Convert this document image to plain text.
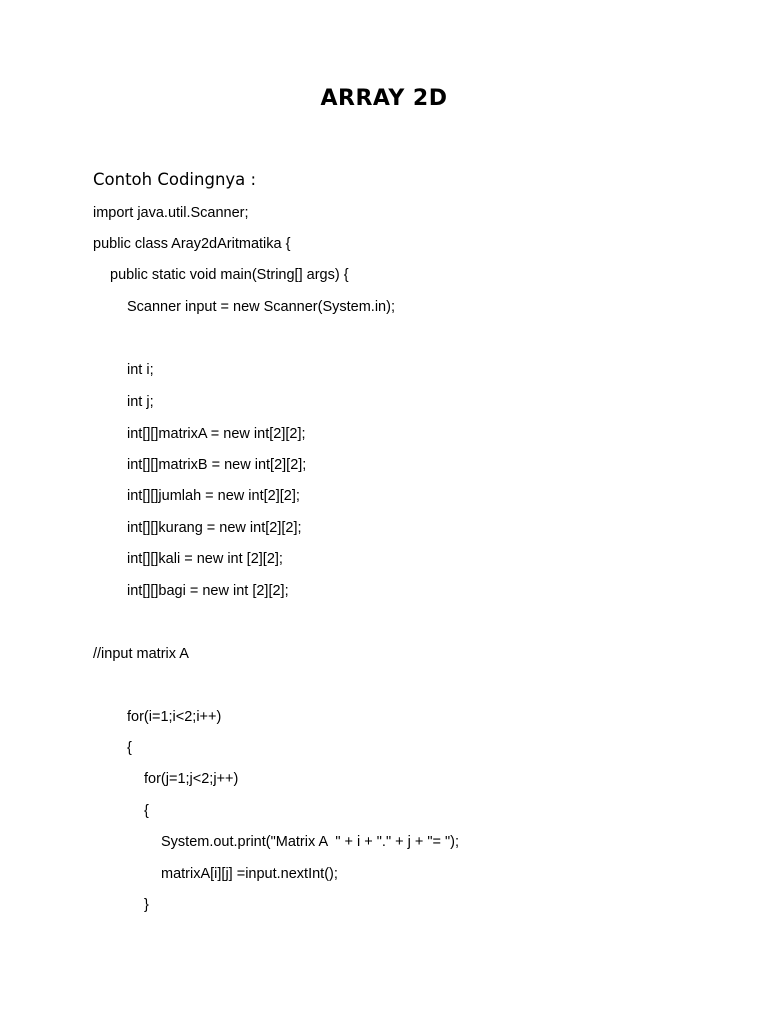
ARRAY 2D
Contoh Codingnya :
import java.util.Scanner;
public class Aray2dAritmatika {
public static void main(String[] args) {
Scanner input = new Scanner(System.in);
int i;
int j;
int[][]matrixA = new int[2][2];
int[][]matrixB = new int[2][2];
int[][]jumlah = new int[2][2];
int[][]kurang = new int[2][2];
int[][]kali = new int [2][2];
int[][]bagi = new int [2][2];
//input matrix A
for(i=1;i<2;i++)
{
for(j=1;j<2;j++)
{
System.out.print("Matrix A  " + i + "." + j + "= ");
matrixA[i][j] =input.nextInt();
}
